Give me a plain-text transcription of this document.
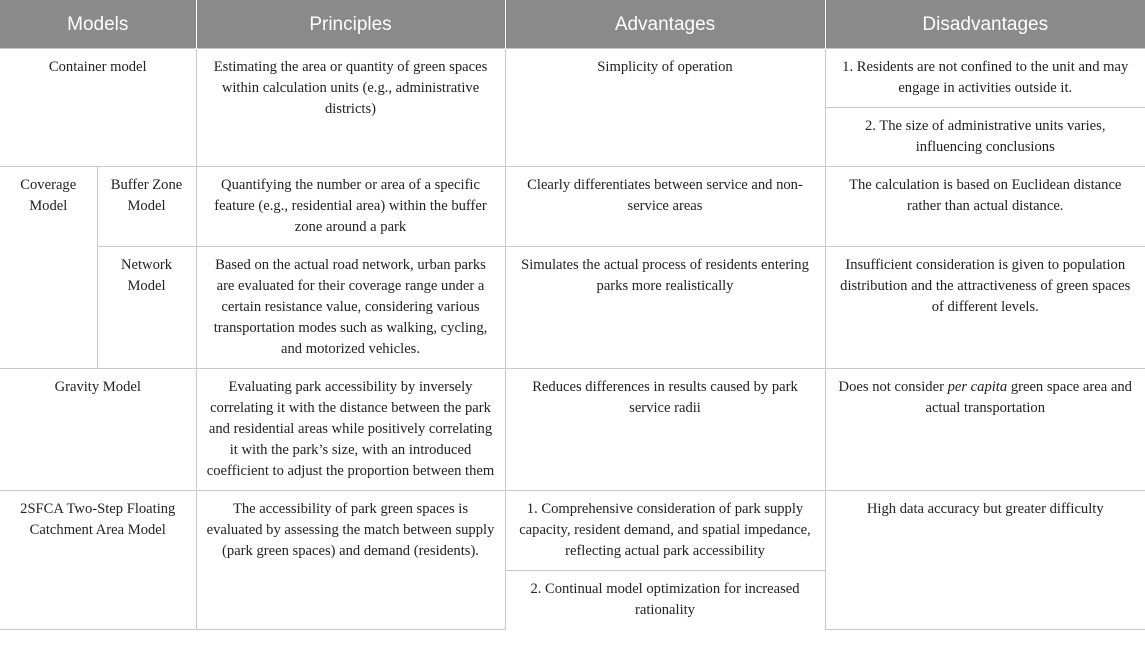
Models		Principles	Advantages	Disadvantages
Container model		Estimating the area or quantity of green spaces within calculation units (e.g., administrative districts)	Simplicity of operation	1. Residents are not confined to the unit and may engage in activities outside it.
				2. The size of administrative units varies, influencing conclusions
Coverage Model	Buffer Zone Model	Quantifying the number or area of a specific feature (e.g., residential area) within the buffer zone around a park	Clearly differentiates between service and non-service areas	The calculation is based on Euclidean distance rather than actual distance.
	Network Model	Based on the actual road network, urban parks are evaluated for their coverage range under a certain resistance value, considering various transportation modes such as walking, cycling, and motorized vehicles.	Simulates the actual process of residents entering parks more realistically	Insufficient consideration is given to population distribution and the attractiveness of green spaces of different levels.
Gravity Model		Evaluating park accessibility by inversely correlating it with the distance between the park and residential areas while positively correlating it with the park’s size, with an introduced coefficient to adjust the proportion between them	Reduces differences in results caused by park service radii	Does not consider per capita green space area and actual transportation
2SFCA Two-Step Floating Catchment Area Model		The accessibility of park green spaces is evaluated by assessing the match between supply (park green spaces) and demand (residents).	1. Comprehensive consideration of park supply capacity, resident demand, and spatial impedance, reflecting actual park accessibility	High data accuracy but greater difficulty
			2. Continual model optimization for increased rationality	
